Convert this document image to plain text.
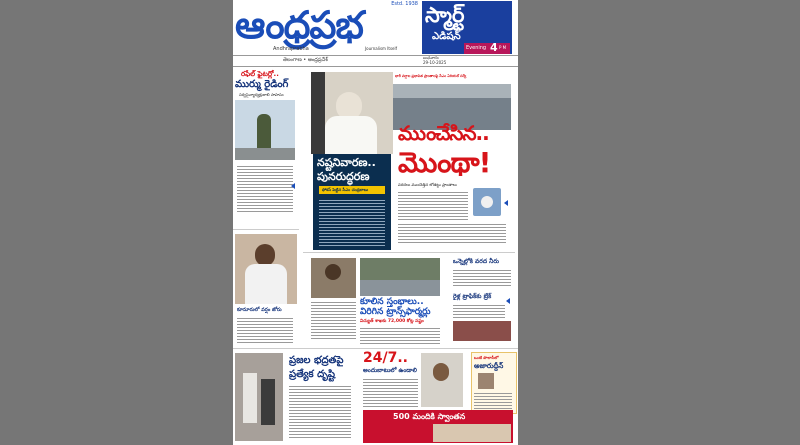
ఆంధ్రప్రభ	Estd. 1938
Andhraprabha	Journalism Itself
స్మార్ట్
ఎడిషన్
Evening 4 P M
తెలంగాణ • ఆంధ్రప్రదేశ్	బుధవారం
29-10-2025
రఫేల్ ఫైటర్లో..
ముర్ము రైడింగ్
సర్వసైన్యాధ్యక్షురాలి సాహసం
కూనూరులో వర్షం జోరు
భారీ వర్షాల ప్రభావిత ప్రాంతాలపై సీఎం ఏరియల్ సర్వే
ముంచేసిన..
మొంథా!
వరదలు ముంచెత్తిన లోతట్టు ప్రాంతాలు
నష్టనివారణ..
పునరుద్ధరణ
ఫోకస్ పెట్టిన సీఎం చంద్రబాబు
కూలిన స్తంభాలు.. విరిగిన ట్రాన్స్‌ఫార్మర్లు
విద్యుత్ శాఖకు 72,000 కోట్ల నష్టం
ఒన్నెల్లోకి వరద నీరు
రైళ్ల ట్రాఫిక్‌కు బ్రేక్
ప్రజల భద్రతపై
ప్రత్యేక దృష్టి
24/7..
అందుబాటులో ఉండాలి
ఒంటి పొలాసీలో
అజారుద్దీన్
500 మందికి స్వాంతన
